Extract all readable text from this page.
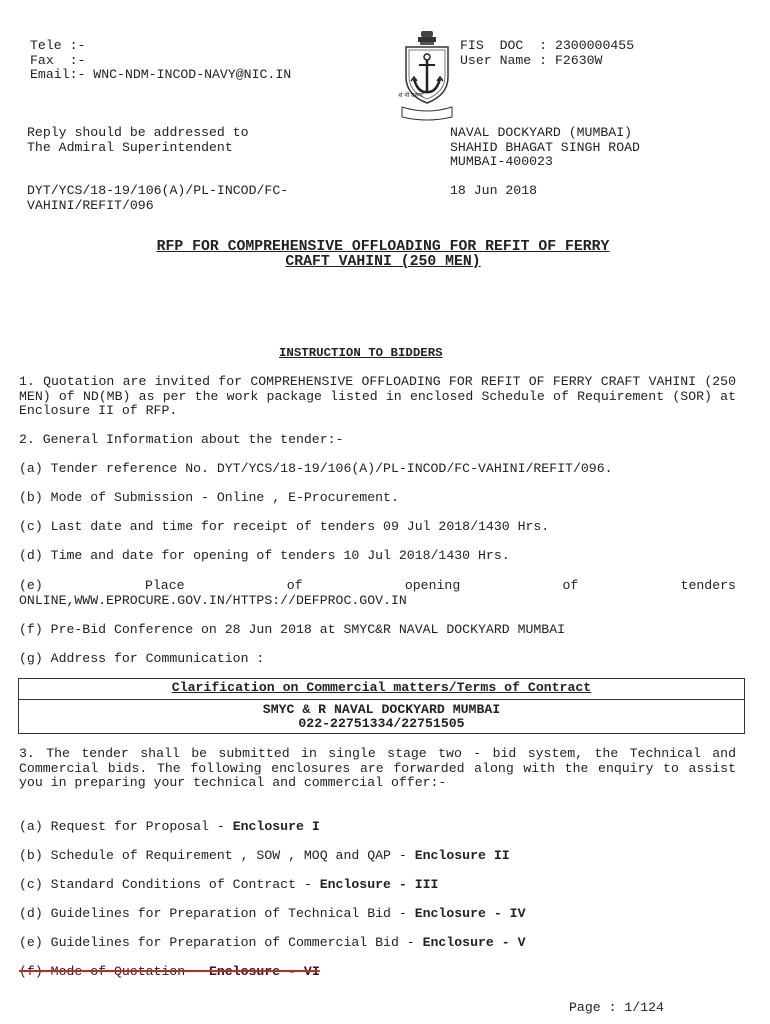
Tele :-
Fax  :-
Email:- WNC-NDM-INCOD-NAVY@NIC.IN

शं नो वरुणः

FIS  DOC  : 2300000455
User Name : F2630W
Reply should be addressed to
The Admiral Superintendent
NAVAL DOCKYARD (MUMBAI)
SHAHID BHAGAT SINGH ROAD
MUMBAI-400023
DYT/YCS/18-19/106(A)/PL-INCOD/FC-
VAHINI/REFIT/096
18 Jun 2018
RFP FOR COMPREHENSIVE OFFLOADING FOR REFIT OF FERRY
CRAFT VAHINI (250 MEN)
INSTRUCTION TO BIDDERS
1. Quotation are invited for COMPREHENSIVE OFFLOADING FOR REFIT OF FERRY CRAFT VAHINI (250 MEN) of ND(MB) as per the work package listed in enclosed Schedule of Requirement (SOR) at Enclosure II of RFP.
2. General Information about the tender:-
(a) Tender reference No. DYT/YCS/18-19/106(A)/PL-INCOD/FC-VAHINI/REFIT/096.
(b) Mode of Submission - Online , E-Procurement.
(c) Last date and time for receipt of tenders 09 Jul 2018/1430 Hrs.
(d) Time and date for opening of tenders 10 Jul 2018/1430 Hrs.
(e)	Place	of	opening	of	tenders
ONLINE,WWW.EPROCURE.GOV.IN/HTTPS://DEFPROC.GOV.IN
(f) Pre-Bid Conference on 28 Jun 2018 at SMYC&R NAVAL DOCKYARD MUMBAI
(g) Address for Communication :
Clarification on Commercial matters/Terms of Contract
SMYC & R NAVAL DOCKYARD MUMBAI
022-22751334/22751505
3. The tender shall be submitted in single stage two - bid system, the Technical and Commercial bids. The following enclosures are forwarded along with the enquiry to assist you in preparing your technical and commercial offer:-
(a) Request for Proposal - Enclosure I
(b) Schedule of Requirement , SOW , MOQ and QAP - Enclosure II
(c) Standard Conditions of Contract - Enclosure - III
(d) Guidelines for Preparation of Technical Bid - Enclosure - IV
(e) Guidelines for Preparation of Commercial Bid - Enclosure - V
(f) Mode of Quotation - Enclosure - VI
Page : 1/124
